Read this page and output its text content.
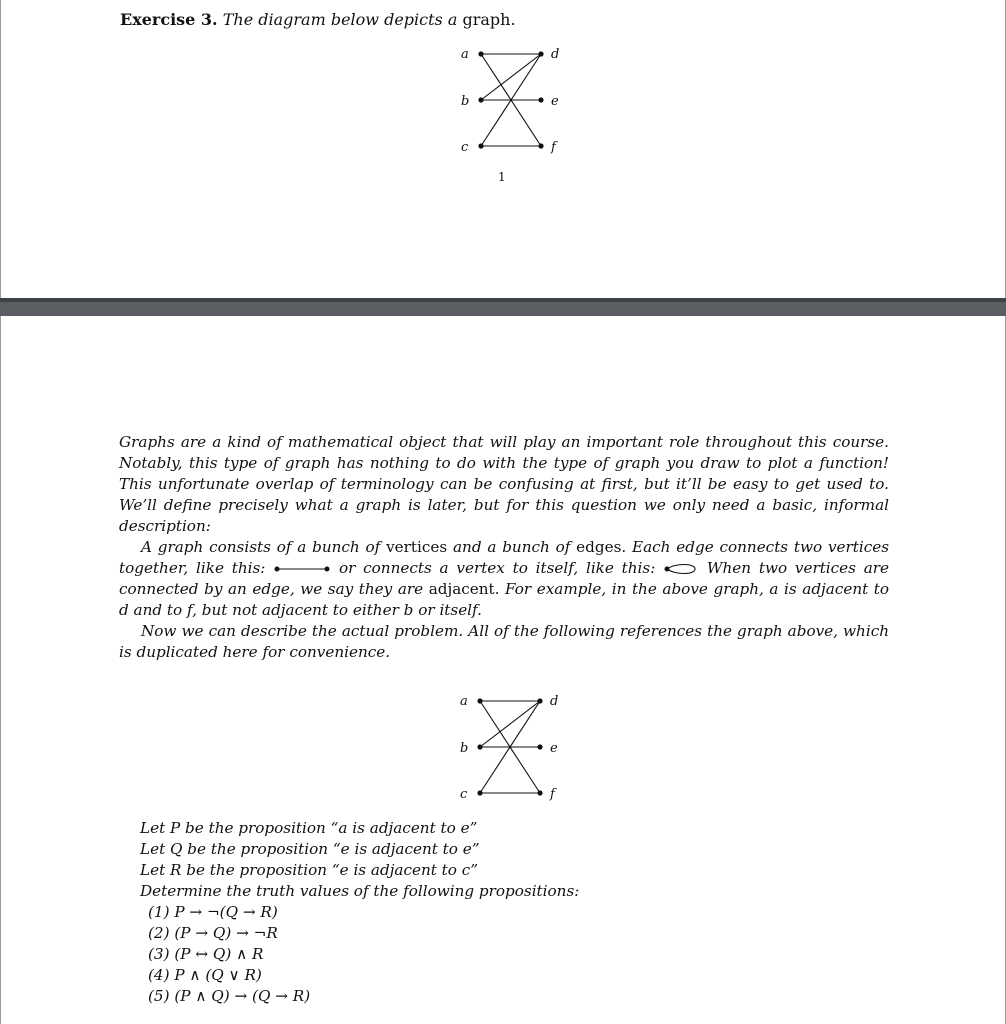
Exercise 3. The diagram below depicts a graph.
a
b
c
d
e
f
1

Graphs are a kind of mathematical object that will play an important role throughout this course. Notably, this type of graph has nothing to do with the type of graph you draw to plot a function! This unfortunate overlap of terminology can be confusing at first, but it’ll be easy to get used to. We’ll define precisely what a graph is later, but for this question we only need a basic, informal description:

A graph consists of a bunch of vertices and a bunch of edges. Each edge connects two vertices together, like this:	or connects a vertex to itself, like this:	When two vertices are connected by an edge, we say they are adjacent. For example, in the above graph, a is adjacent to d and to f, but not adjacent to either b or itself.

Now we can describe the actual problem. All of the following references the graph above, which is duplicated here for convenience.

a
b
c
d
e
f
Let P be the proposition “a is adjacent to e”
Let Q be the proposition “e is adjacent to e”
Let R be the proposition “e is adjacent to c”
Determine the truth values of the following propositions:
(1) P → ¬(Q → R)
(2) (P → Q) → ¬R
(3) (P ↔ Q) ∧ R
(4) P ∧ (Q ∨ R)
(5) (P ∧ Q) → (Q → R)
